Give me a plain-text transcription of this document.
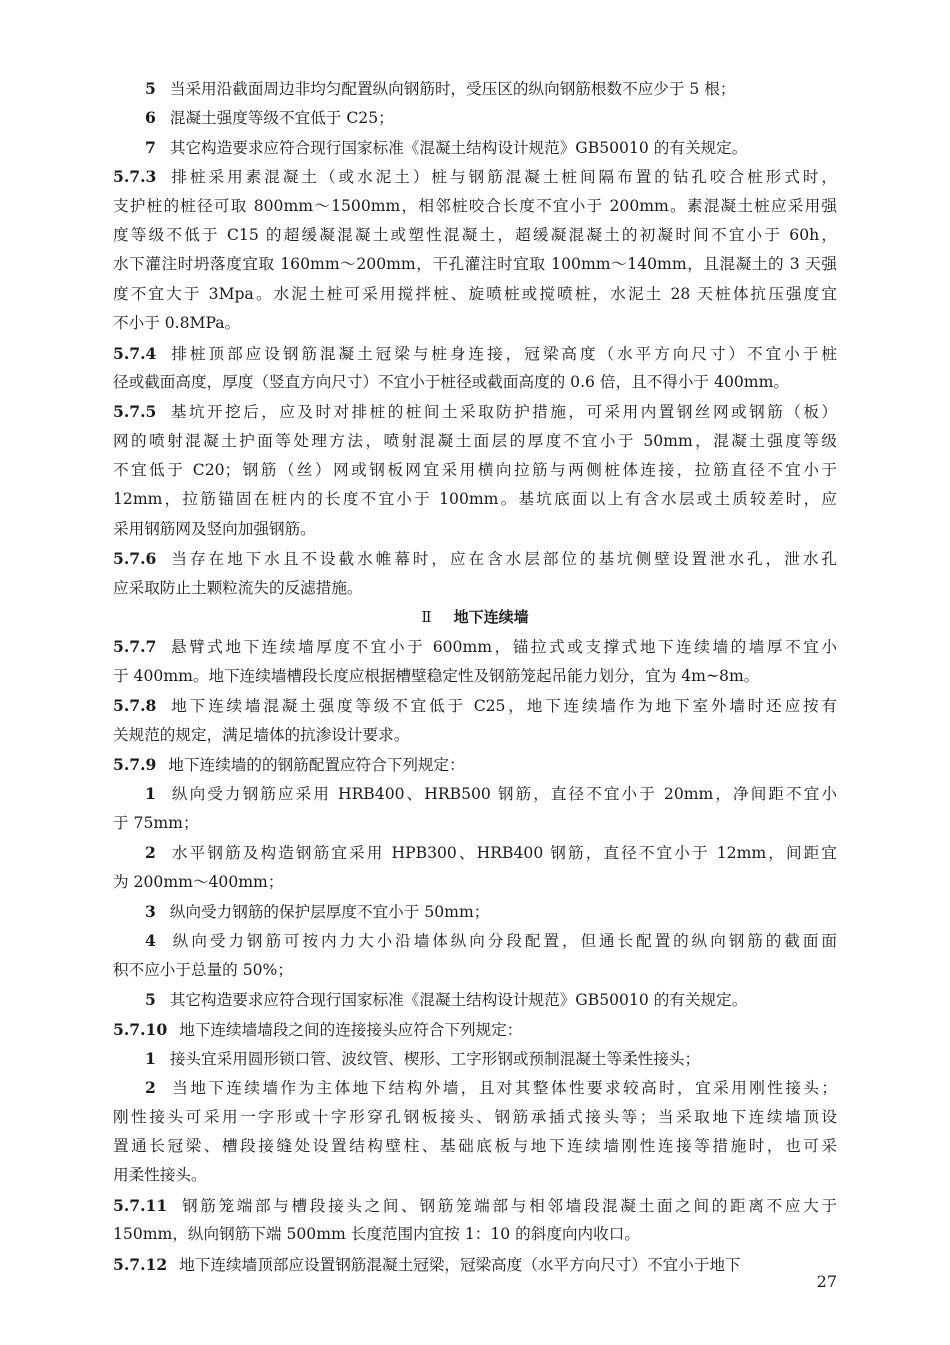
5 当采用沿截面周边非均匀配置纵向钢筋时，受压区的纵向钢筋根数不应少于 5 根；
6 混凝土强度等级不宜低于 C25；
7 其它构造要求应符合现行国家标准《混凝土结构设计规范》GB50010 的有关规定。
5.7.3 排桩采用素混凝土（或水泥土）桩与钢筋混凝土桩间隔布置的钻孔咬合桩形式时，
支护桩的桩径可取 800mm～1500mm，相邻桩咬合长度不宜小于 200mm。素混凝土桩应采用强
度等级不低于 C15 的超缓凝混凝土或塑性混凝土，超缓凝混凝土的初凝时间不宜小于 60h，
水下灌注时坍落度宜取 160mm～200mm，干孔灌注时宜取 100mm～140mm，且混凝土的 3 天强
度不宜大于 3Mpa。水泥土桩可采用搅拌桩、旋喷桩或搅喷桩，水泥土 28 天桩体抗压强度宜
不小于 0.8MPa。
5.7.4 排桩顶部应设钢筋混凝土冠梁与桩身连接，冠梁高度（水平方向尺寸）不宜小于桩
径或截面高度，厚度（竖直方向尺寸）不宜小于桩径或截面高度的 0.6 倍，且不得小于 400mm。
5.7.5 基坑开挖后，应及时对排桩的桩间土采取防护措施，可采用内置钢丝网或钢筋（板）
网的喷射混凝土护面等处理方法，喷射混凝土面层的厚度不宜小于 50mm，混凝土强度等级
不宜低于 C20；钢筋（丝）网或钢板网宜采用横向拉筋与两侧桩体连接，拉筋直径不宜小于
12mm，拉筋锚固在桩内的长度不宜小于 100mm。基坑底面以上有含水层或土质较差时，应
采用钢筋网及竖向加强钢筋。
5.7.6 当存在地下水且不设截水帷幕时，应在含水层部位的基坑侧壁设置泄水孔，泄水孔
应采取防止土颗粒流失的反滤措施。
Ⅱ 地下连续墙
5.7.7 悬臂式地下连续墙厚度不宜小于 600mm，锚拉式或支撑式地下连续墙的墙厚不宜小
于 400mm。地下连续墙槽段长度应根据槽壁稳定性及钢筋笼起吊能力划分，宜为 4m~8m。
5.7.8 地下连续墙混凝土强度等级不宜低于 C25，地下连续墙作为地下室外墙时还应按有
关规范的规定，满足墙体的抗渗设计要求。
5.7.9 地下连续墙的的钢筋配置应符合下列规定：
1 纵向受力钢筋应采用 HRB400、HRB500 钢筋，直径不宜小于 20mm，净间距不宜小
于 75mm；
2 水平钢筋及构造钢筋宜采用 HPB300、HRB400 钢筋，直径不宜小于 12mm，间距宜
为 200mm～400mm；
3 纵向受力钢筋的保护层厚度不宜小于 50mm；
4 纵向受力钢筋可按内力大小沿墙体纵向分段配置，但通长配置的纵向钢筋的截面面
积不应小于总量的 50%；
5 其它构造要求应符合现行国家标准《混凝土结构设计规范》GB50010 的有关规定。
5.7.10 地下连续墙墙段之间的连接接头应符合下列规定：
1 接头宜采用圆形锁口管、波纹管、楔形、工字形钢或预制混凝土等柔性接头；
2 当地下连续墙作为主体地下结构外墙，且对其整体性要求较高时，宜采用刚性接头；
刚性接头可采用一字形或十字形穿孔钢板接头、钢筋承插式接头等；当采取地下连续墙顶设
置通长冠梁、槽段接缝处设置结构壁柱、基础底板与地下连续墙刚性连接等措施时，也可采
用柔性接头。
5.7.11 钢筋笼端部与槽段接头之间、钢筋笼端部与相邻墙段混凝土面之间的距离不应大于
150mm，纵向钢筋下端 500mm 长度范围内宜按 1：10 的斜度向内收口。
5.7.12 地下连续墙顶部应设置钢筋混凝土冠梁，冠梁高度（水平方向尺寸）不宜小于地下
27
